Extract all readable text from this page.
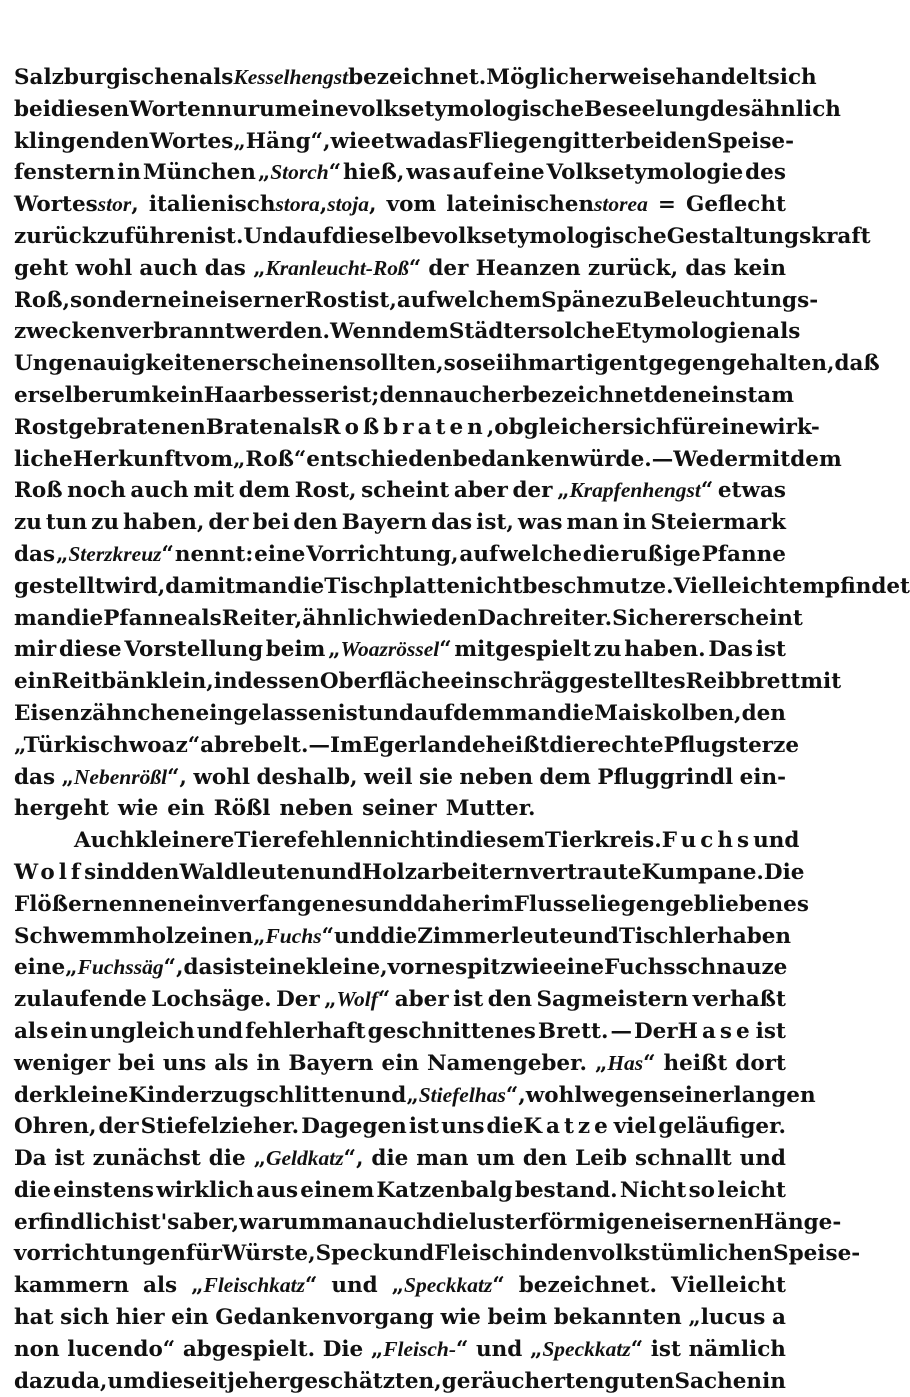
Salzburgischen alsKesselhengst bezeichnet. Möglicherweise handelt sich
bei diesen Worten nur um eine volksetymologische Beseelung des ähnlich
klingenden Wortes „Häng“, wie etwa das Fliegengitter bei den Speise-
fenstern in München „Storch“ hieß, was auf eine Volksetymologie des
Wortesstor, italienischstora,stoja, vom lateinischenstorea = Geflecht
zurückzuführen ist. Und auf dieselbe volksetymologische Gestaltungskraft
geht wohl auch das „Kranleucht-Roß“ der Heanzen zurück, das kein
Roß, sondern ein eiserner Rost ist, auf welchem Späne zu Beleuchtungs-
zwecken verbrannt werden. Wenn dem Städter solche Etymologien als
Ungenauigkeiten erscheinen sollten, so sei ihm artig entgegengehalten, daß
er selber um kein Haar besser ist; denn auch er bezeichnet den einst am
Rost gebratenen Braten alsRoßbraten, obgleich er sich für eine wirk-
liche Herkunft vom „Roß“ entschieden bedanken würde. — Weder mit dem
Roß noch auch mit dem Rost, scheint aber der „Krapfenhengst“ etwas
zu tun zu haben, der bei den Bayern das ist, was man in Steiermark
das „Sterzkreuz“ nennt: eine Vorrichtung, auf welche die rußige Pfanne
gestellt wird, damit man die Tischplatte nicht beschmutze. Vielleicht empfindet
man die Pfanne als Reiter, ähnlich wie den Dachreiter. Sicherer scheint
mir diese Vorstellung beim „Woazrössel“ mitgespielt zu haben. Das ist
ein Reitbänklein, in dessen Oberfläche ein schräg gestelltes Reibbrett mit
Eisenzähnchen eingelassen ist und auf dem man die Maiskolben, den
„Türkischwoaz“ abrebelt. — Im Egerlande heißt die rechte Pflugsterze
das „Nebenrößl“, wohl deshalb, weil sie neben dem Pfluggrindl ein-
hergeht wie ein Rößl neben seiner Mutter.
Auch kleinere Tiere fehlen nicht in diesem Tierkreis.Fuchs und
Wolf sind den Waldleuten und Holzarbeitern vertraute Kumpane. Die
Flößer nennen ein verfangenes und daher im Flusse liegengebliebenes
Schwemmholz einen „Fuchs“ und die Zimmerleute und Tischler haben
eine „Fuchssäg“, das ist eine kleine, vorne spitz wie eine Fuchsschnauze
zulaufende Lochsäge. Der „Wolf“ aber ist den Sagmeistern verhaßt
als ein ungleich und fehlerhaft geschnittenes Brett. — DerHase ist
weniger bei uns als in Bayern ein Namengeber. „Has“ heißt dort
der kleine Kinderzugschlitten und „Stiefelhas“, wohl wegen seiner langen
Ohren, der Stiefelzieher. Dagegen ist uns dieKatze viel geläufiger.
Da ist zunächst die „Geldkatz“, die man um den Leib schnallt und
die einstens wirklich aus einem Katzenbalg bestand. Nicht so leicht
erfindlich ist's aber, warum man auch die lusterförmigen eisernen Hänge-
vorrichtungen für Würste, Speck und Fleisch in den volkstümlichen Speise-
kammern als „Fleischkatz“ und „Speckkatz“ bezeichnet. Vielleicht
hat sich hier ein Gedankenvorgang wie beim bekannten „lucus a
non lucendo“ abgespielt. Die „Fleisch-“ und „Speckkatz“ ist nämlich
dazu da, um die seit jeher geschätzten, geräucherten guten Sachen in
